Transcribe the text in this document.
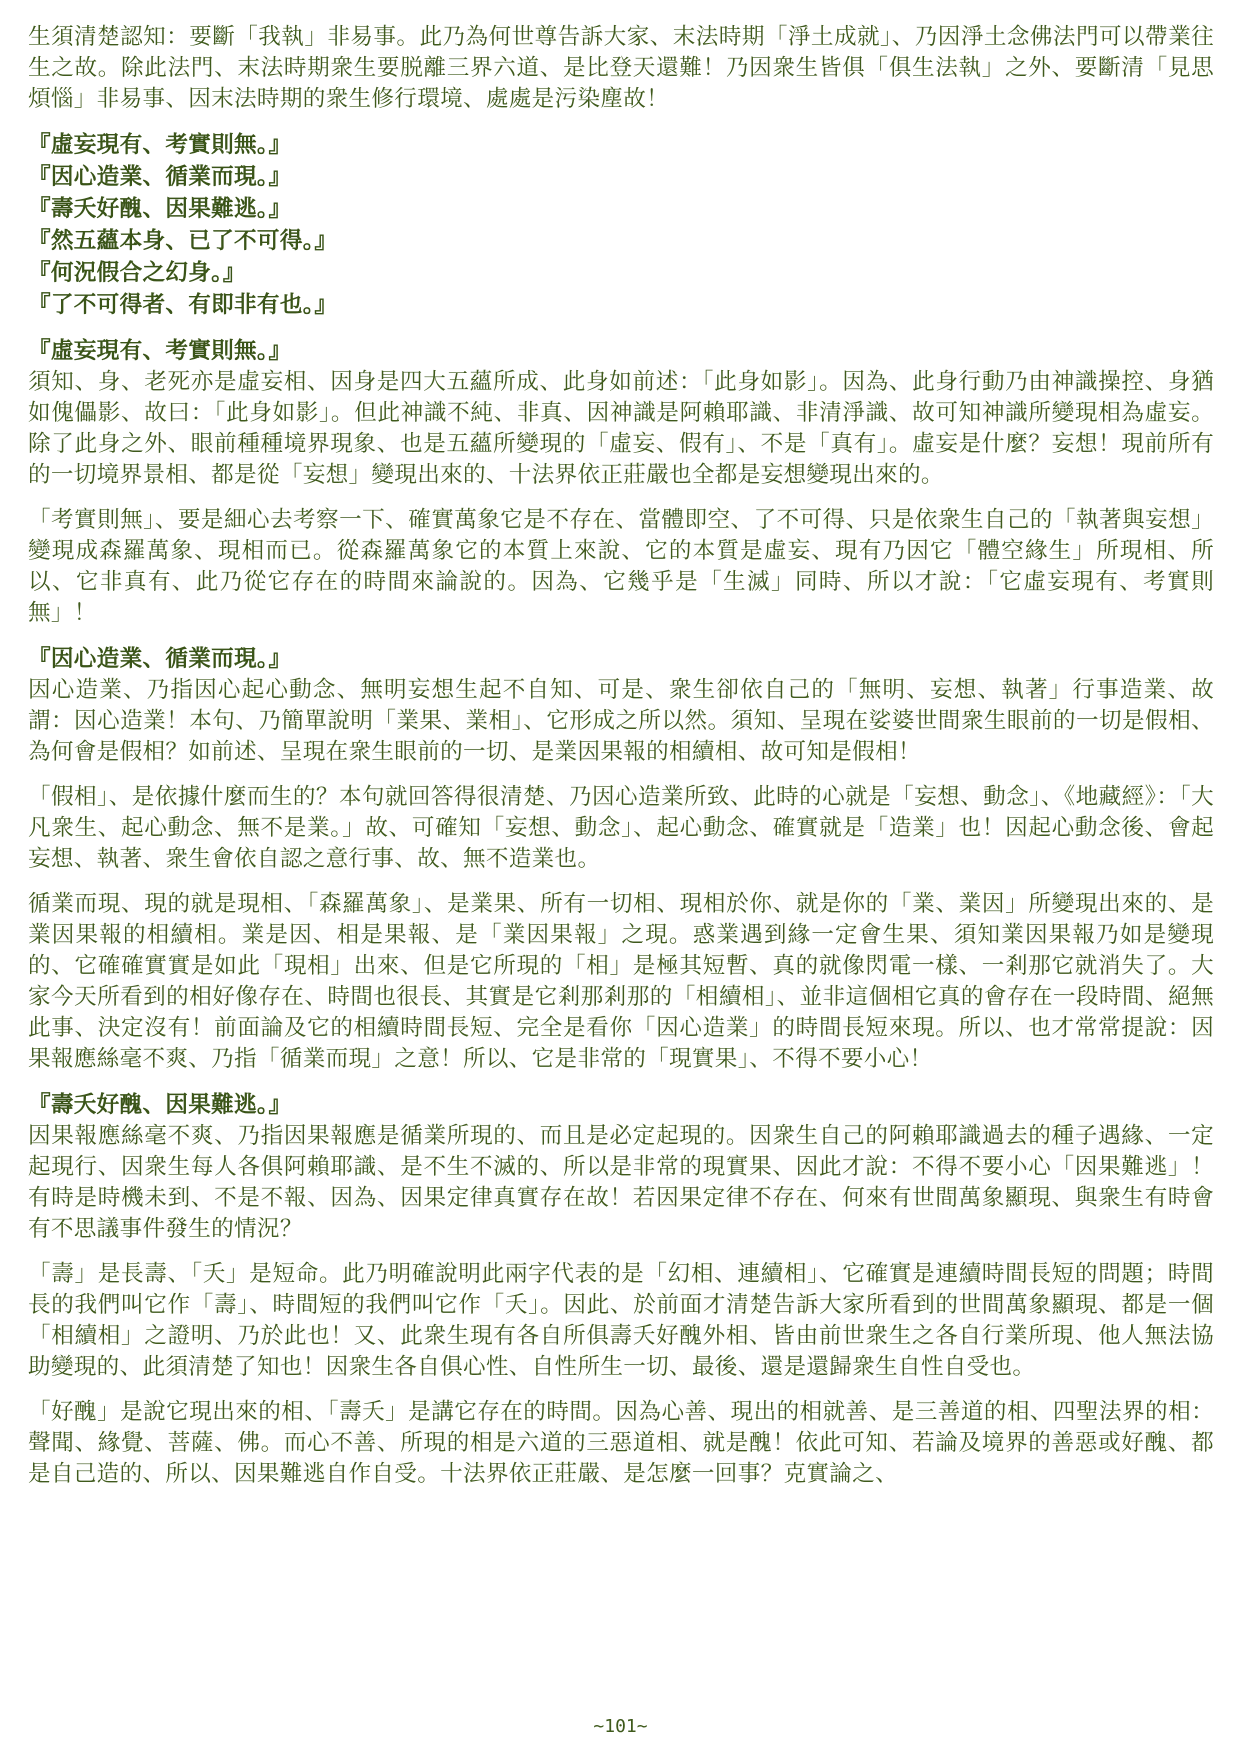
生須清楚認知：要斷「我執」非易事。此乃為何世尊告訴大家、末法時期「淨土成就」、乃因淨土念佛法門可以帶業往生之故。除此法門、末法時期衆生要脱離三界六道、是比登天還難！乃因衆生皆俱「俱生法執」之外、要斷清「見思煩惱」非易事、因末法時期的衆生修行環境、處處是污染塵故！

『虛妄現有、考實則無。』

『因心造業、循業而現。』

『壽夭好醜、因果難逃。』

『然五蘊本身、已了不可得。』

『何況假合之幻身。』

『了不可得者、有即非有也。』

『虛妄現有、考實則無。』

須知、身、老死亦是虛妄相、因身是四大五蘊所成、此身如前述：「此身如影」。因為、此身行動乃由神識操控、身猶如傀儡影、故曰：「此身如影」。但此神識不純、非真、因神識是阿賴耶識、非清淨識、故可知神識所變現相為虛妄。除了此身之外、眼前種種境界現象、也是五蘊所變現的「虛妄、假有」、不是「真有」。虛妄是什麼？妄想！現前所有的一切境界景相、都是從「妄想」變現出來的、十法界依正莊嚴也全都是妄想變現出來的。

「考實則無」、要是細心去考察一下、確實萬象它是不存在、當體即空、了不可得、只是依衆生自己的「執著與妄想」變現成森羅萬象、現相而已。從森羅萬象它的本質上來說、它的本質是虛妄、現有乃因它「體空緣生」所現相、所以、它非真有、此乃從它存在的時間來論說的。因為、它幾乎是「生滅」同時、所以才說：「它虛妄現有、考實則無」！

『因心造業、循業而現。』

因心造業、乃指因心起心動念、無明妄想生起不自知、可是、衆生卻依自己的「無明、妄想、執著」行事造業、故謂：因心造業！本句、乃簡單說明「業果、業相」、它形成之所以然。須知、呈現在娑婆世間衆生眼前的一切是假相、為何會是假相？如前述、呈現在衆生眼前的一切、是業因果報的相續相、故可知是假相！

「假相」、是依據什麼而生的？本句就回答得很清楚、乃因心造業所致、此時的心就是「妄想、動念」、《地藏經》：「大凡衆生、起心動念、無不是業。」故、可確知「妄想、動念」、起心動念、確實就是「造業」也！因起心動念後、會起妄想、執著、衆生會依自認之意行事、故、無不造業也。

循業而現、現的就是現相、「森羅萬象」、是業果、所有一切相、現相於你、就是你的「業、業因」所變現出來的、是業因果報的相續相。業是因、相是果報、是「業因果報」之現。惑業遇到緣一定會生果、須知業因果報乃如是變現的、它確確實實是如此「現相」出來、但是它所現的「相」是極其短暫、真的就像閃電一樣、一剎那它就消失了。大家今天所看到的相好像存在、時間也很長、其實是它剎那剎那的「相續相」、並非這個相它真的會存在一段時間、絕無此事、決定沒有！前面論及它的相續時間長短、完全是看你「因心造業」的時間長短來現。所以、也才常常提說：因果報應絲毫不爽、乃指「循業而現」之意！所以、它是非常的「現實果」、不得不要小心！

『壽夭好醜、因果難逃。』

因果報應絲毫不爽、乃指因果報應是循業所現的、而且是必定起現的。因衆生自己的阿賴耶識過去的種子遇緣、一定起現行、因衆生每人各俱阿賴耶識、是不生不滅的、所以是非常的現實果、因此才說：不得不要小心「因果難逃」！有時是時機未到、不是不報、因為、因果定律真實存在故！若因果定律不存在、何來有世間萬象顯現、與衆生有時會有不思議事件發生的情況？

「壽」是長壽、「夭」是短命。此乃明確說明此兩字代表的是「幻相、連續相」、它確實是連續時間長短的問題；時間長的我們叫它作「壽」、時間短的我們叫它作「夭」。因此、於前面才清楚告訴大家所看到的世間萬象顯現、都是一個「相續相」之證明、乃於此也！又、此衆生現有各自所俱壽夭好醜外相、皆由前世衆生之各自行業所現、他人無法協助變現的、此須清楚了知也！因衆生各自俱心性、自性所生一切、最後、還是還歸衆生自性自受也。

「好醜」是說它現出來的相、「壽夭」是講它存在的時間。因為心善、現出的相就善、是三善道的相、四聖法界的相：聲聞、緣覺、菩薩、佛。而心不善、所現的相是六道的三惡道相、就是醜！依此可知、若論及境界的善惡或好醜、都是自己造的、所以、因果難逃自作自受。十法界依正莊嚴、是怎麼一回事？克實論之、

~101~
